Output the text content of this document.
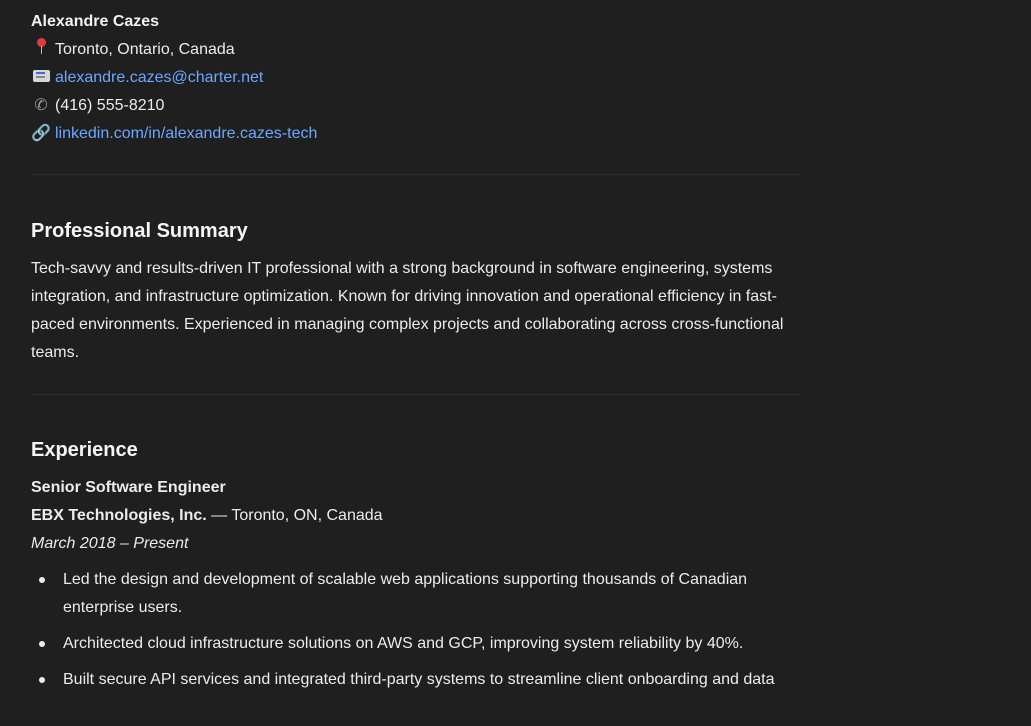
Alexandre Cazes

Toronto, Ontario, Canada

alexandre.cazes@charter.net

✆ (416) 555-8210

🔗 linkedin.com/in/alexandre.cazes-tech

Professional Summary

Tech-savvy and results-driven IT professional with a strong background in software engineering, systems integration, and infrastructure optimization. Known for driving innovation and operational efficiency in fast-paced environments. Experienced in managing complex projects and collaborating across cross-functional teams.

Experience

Senior Software Engineer

EBX Technologies, Inc. — Toronto, ON, Canada

March 2018 – Present

Led the design and development of scalable web applications supporting thousands of Canadian enterprise users.
Architected cloud infrastructure solutions on AWS and GCP, improving system reliability by 40%.
Built secure API services and integrated third-party systems to streamline client onboarding and data
